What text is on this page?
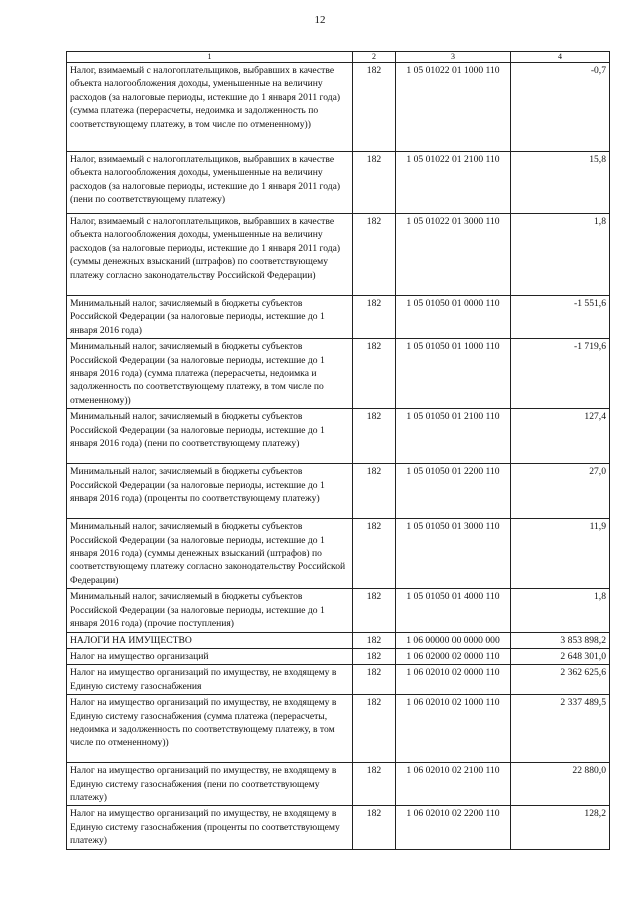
12
1	2	3	4
Налог, взимаемый с налогоплательщиков, выбравших в качестве объекта налогообложения доходы, уменьшенные на величину расходов (за налоговые периоды, истекшие до 1 января 2011 года) (сумма платежа (перерасчеты, недоимка и задолженность по соответствующему платежу, в том числе по отмененному))	182	1 05 01022 01 1000 110	-0,7
Налог, взимаемый с налогоплательщиков, выбравших в качестве объекта налогообложения доходы, уменьшенные на величину расходов (за налоговые периоды, истекшие до 1 января 2011 года) (пени по соответствующему платежу)	182	1 05 01022 01 2100 110	15,8
Налог, взимаемый с налогоплательщиков, выбравших в качестве объекта налогообложения доходы, уменьшенные на величину расходов (за налоговые периоды, истекшие до 1 января 2011 года) (суммы денежных взысканий (штрафов) по соответствующему платежу согласно законодательству Российской Федерации)	182	1 05 01022 01 3000 110	1,8
Минимальный налог, зачисляемый в бюджеты субъектов Российской Федерации (за налоговые периоды, истекшие до 1 января 2016 года)	182	1 05 01050 01 0000 110	-1 551,6
Минимальный налог, зачисляемый в бюджеты субъектов Российской Федерации (за налоговые периоды, истекшие до 1 января 2016 года) (сумма платежа (перерасчеты, недоимка и задолженность по соответствующему платежу, в том числе по отмененному))	182	1 05 01050 01 1000 110	-1 719,6
Минимальный налог, зачисляемый в бюджеты субъектов Российской Федерации (за налоговые периоды, истекшие до 1 января 2016 года) (пени по соответствующему платежу)	182	1 05 01050 01 2100 110	127,4
Минимальный налог, зачисляемый в бюджеты субъектов Российской Федерации (за налоговые периоды, истекшие до 1 января 2016 года) (проценты по соответствующему платежу)	182	1 05 01050 01 2200 110	27,0
Минимальный налог, зачисляемый в бюджеты субъектов Российской Федерации (за налоговые периоды, истекшие до 1 января 2016 года) (суммы денежных взысканий (штрафов) по соответствующему платежу согласно законодательству Российской Федерации)	182	1 05 01050 01 3000 110	11,9
Минимальный налог, зачисляемый в бюджеты субъектов Российской Федерации (за налоговые периоды, истекшие до 1 января 2016 года) (прочие поступления)	182	1 05 01050 01 4000 110	1,8
НАЛОГИ НА ИМУЩЕСТВО	182	1 06 00000 00 0000 000	3 853 898,2
Налог на имущество организаций	182	1 06 02000 02 0000 110	2 648 301,0
Налог на имущество организаций по имуществу, не входящему в Единую систему газоснабжения	182	1 06 02010 02 0000 110	2 362 625,6
Налог на имущество организаций по имуществу, не входящему в Единую систему газоснабжения (сумма платежа (перерасчеты, недоимка и задолженность по соответствующему платежу, в том числе по отмененному))	182	1 06 02010 02 1000 110	2 337 489,5
Налог на имущество организаций по имуществу, не входящему в Единую систему газоснабжения (пени по соответствующему платежу)	182	1 06 02010 02 2100 110	22 880,0
Налог на имущество организаций по имуществу, не входящему в Единую систему газоснабжения (проценты по соответствующему платежу)	182	1 06 02010 02 2200 110	128,2
